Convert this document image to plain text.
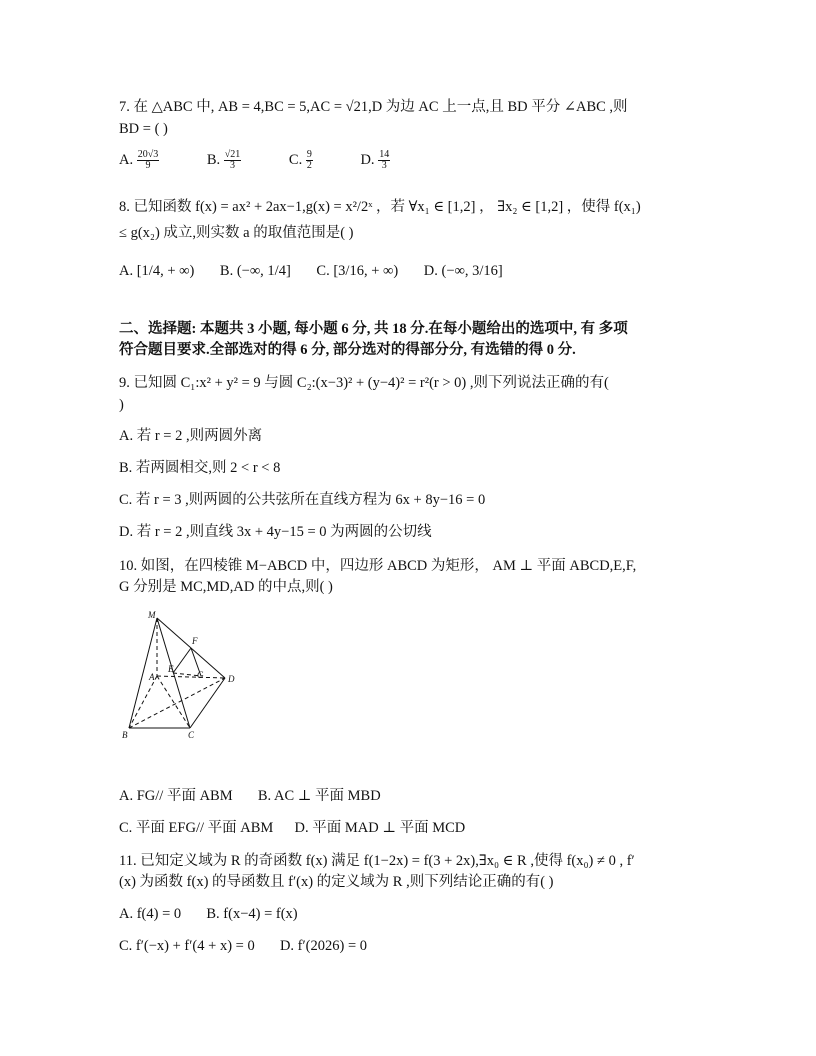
7. 在 △ABC 中, AB = 4,BC = 5,AC = √21,D 为边 AC 上一点,且 BD 平分 ∠ABC ,则
BD = ( )
A. $\frac{20√3}{9} B$. $\frac{√21}{3} C$. $\frac{9}{2} D$. $\frac{14}{3}$
8. 已知函数 f(x) = ax² + 2ax−1,g(x) = x²/2ˣ ，若 ∀x₁ ∈ [1,2] ， ∃x₂ ∈ [1,2] ，使得 f(x₁)
≤ g(x₂) 成立,则实数 a 的取值范围是( )
A. [1/4, + ∞) B. (−∞, 1/4] C. [3/16, + ∞) D. (−∞, 3/16]
二、选择题: 本题共 3 小题, 每小题 6 分, 共 18 分.在每小题给出的选项中, 有 多项
符合题目要求.全部选对的得 6 分, 部分选对的得部分分, 有选错的得 0 分.
9. 已知圆 C₁:x² + y² = 9 与圆 C₂:(x−3)² + (y−4)² = r²(r > 0) ,则下列说法正确的有(
)
A. 若 r = 2 ,则两圆外离
B. 若两圆相交,则 2 < r < 8
C. 若 r = 3 ,则两圆的公共弦所在直线方程为 6x + 8y−16 = 0
D. 若 r = 2 ,则直线 3x + 4y−15 = 0 为两圆的公切线
10. 如图，在四棱锥 M−ABCD 中，四边形 ABCD 为矩形， AM ⊥ 平面 ABCD,E,F,
G 分别是 MC,MD,AD 的中点,则( )
M
F
A
E
G	D
B	C
A. FG// 平面 ABM B. AC ⊥ 平面 MBD
C. 平面 EFG// 平面 ABM D. 平面 MAD ⊥ 平面 MCD
11. 已知定义域为 R 的奇函数 f(x) 满足 f(1−2x) = f(3 + 2x),∃x₀ ∈ R ,使得 f(x₀) ≠ 0 , f′
(x) 为函数 f(x) 的导函数且 f′(x) 的定义域为 R ,则下列结论正确的有( )
A. f(4) = 0 B. f(x−4) = f(x)
C. f′(−x) + f′(4 + x) = 0 D. f′(2026) = 0
